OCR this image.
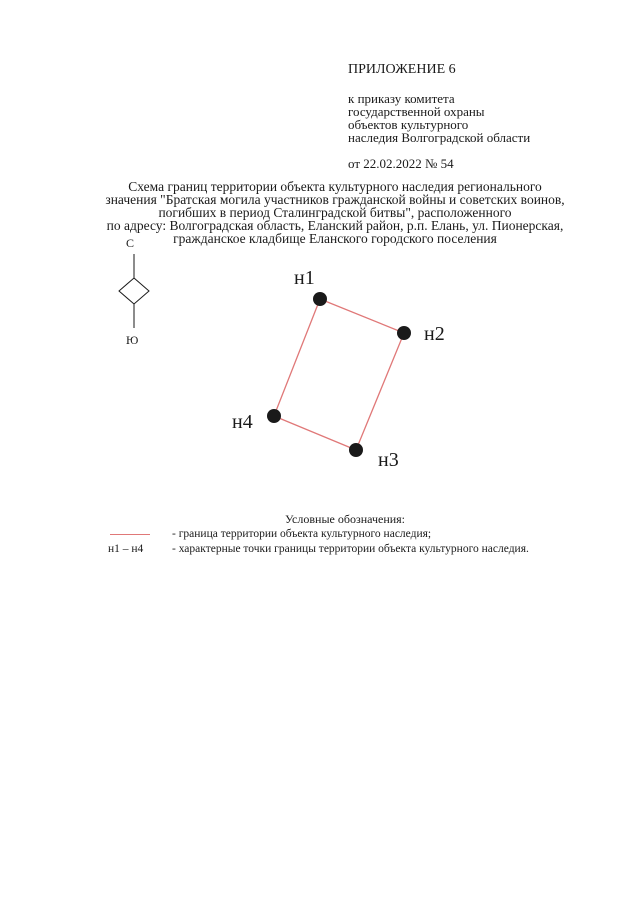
ПРИЛОЖЕНИЕ 6
к приказу комитета
государственной охраны
объектов культурного
наследия Волгоградской области
от 22.02.2022 № 54
Схема границ территории объекта культурного наследия регионального
значения "Братская могила участников гражданской войны и советских воинов,
погибших в период Сталинградской битвы", расположенного
по адресу: Волгоградская область, Еланский район, р.п. Елань, ул. Пионерская,
гражданское кладбище Еланского городского поселения
С
Ю
н1
н2
н3
н4
Условные обозначения:
- граница территории объекта культурного наследия;
н1 – н4 - характерные точки границы территории объекта культурного наследия.
